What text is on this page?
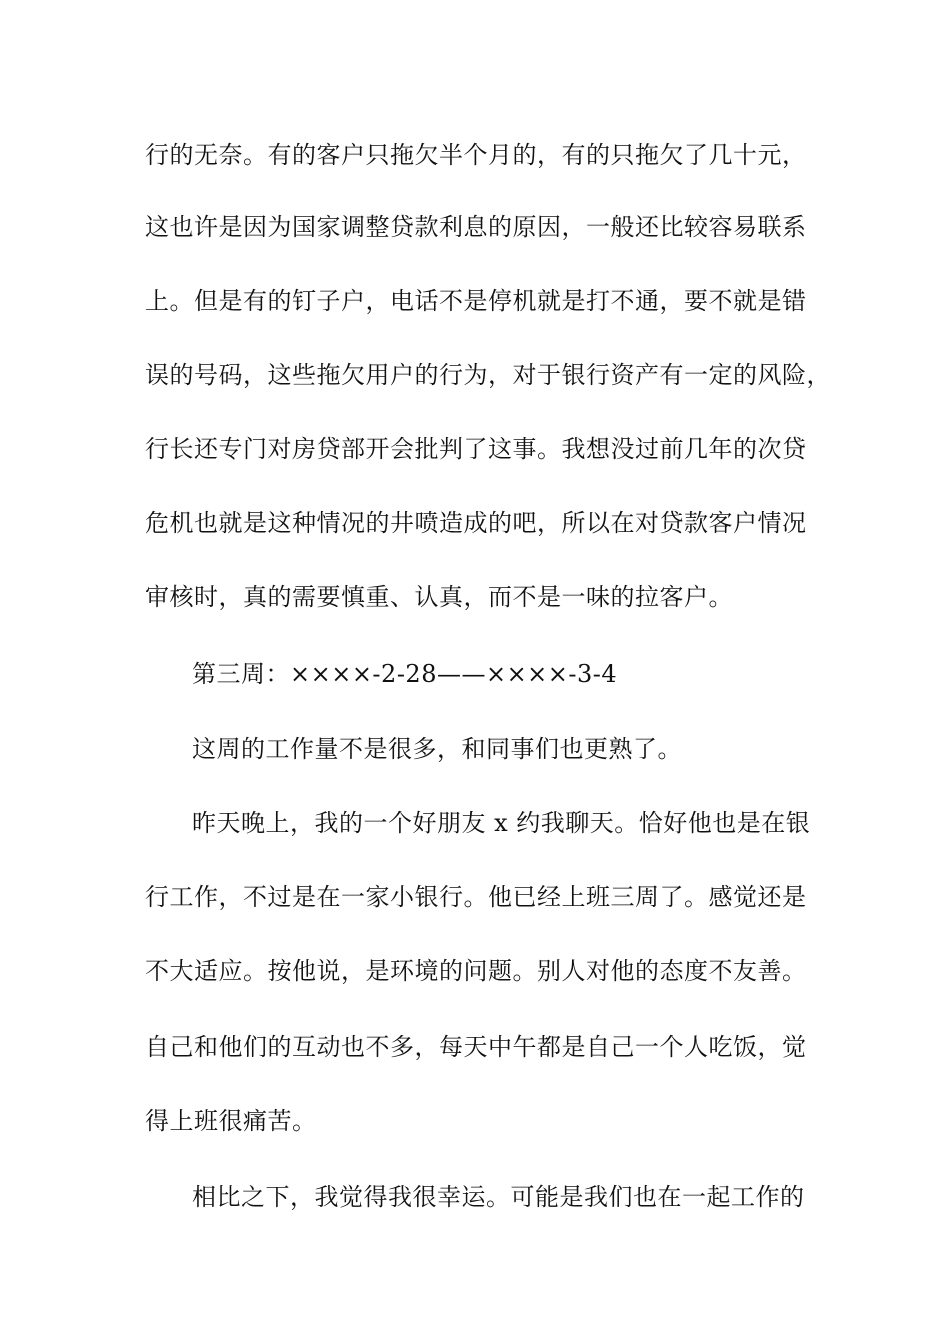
行的无奈。有的客户只拖欠半个月的，有的只拖欠了几十元，
这也许是因为国家调整贷款利息的原因，一般还比较容易联系
上。但是有的钉子户，电话不是停机就是打不通，要不就是错
误的号码，这些拖欠用户的行为，对于银行资产有一定的风险，
行长还专门对房贷部开会批判了这事。我想没过前几年的次贷
危机也就是这种情况的井喷造成的吧，所以在对贷款客户情况
审核时，真的需要慎重、认真，而不是一味的拉客户。
第三周：××××-2-28——××××-3-4
这周的工作量不是很多，和同事们也更熟了。
昨天晚上，我的一个好朋友 x 约我聊天。恰好他也是在银
行工作，不过是在一家小银行。他已经上班三周了。感觉还是
不大适应。按他说，是环境的问题。别人对他的态度不友善。
自己和他们的互动也不多，每天中午都是自己一个人吃饭，觉
得上班很痛苦。
相比之下，我觉得我很幸运。可能是我们也在一起工作的
